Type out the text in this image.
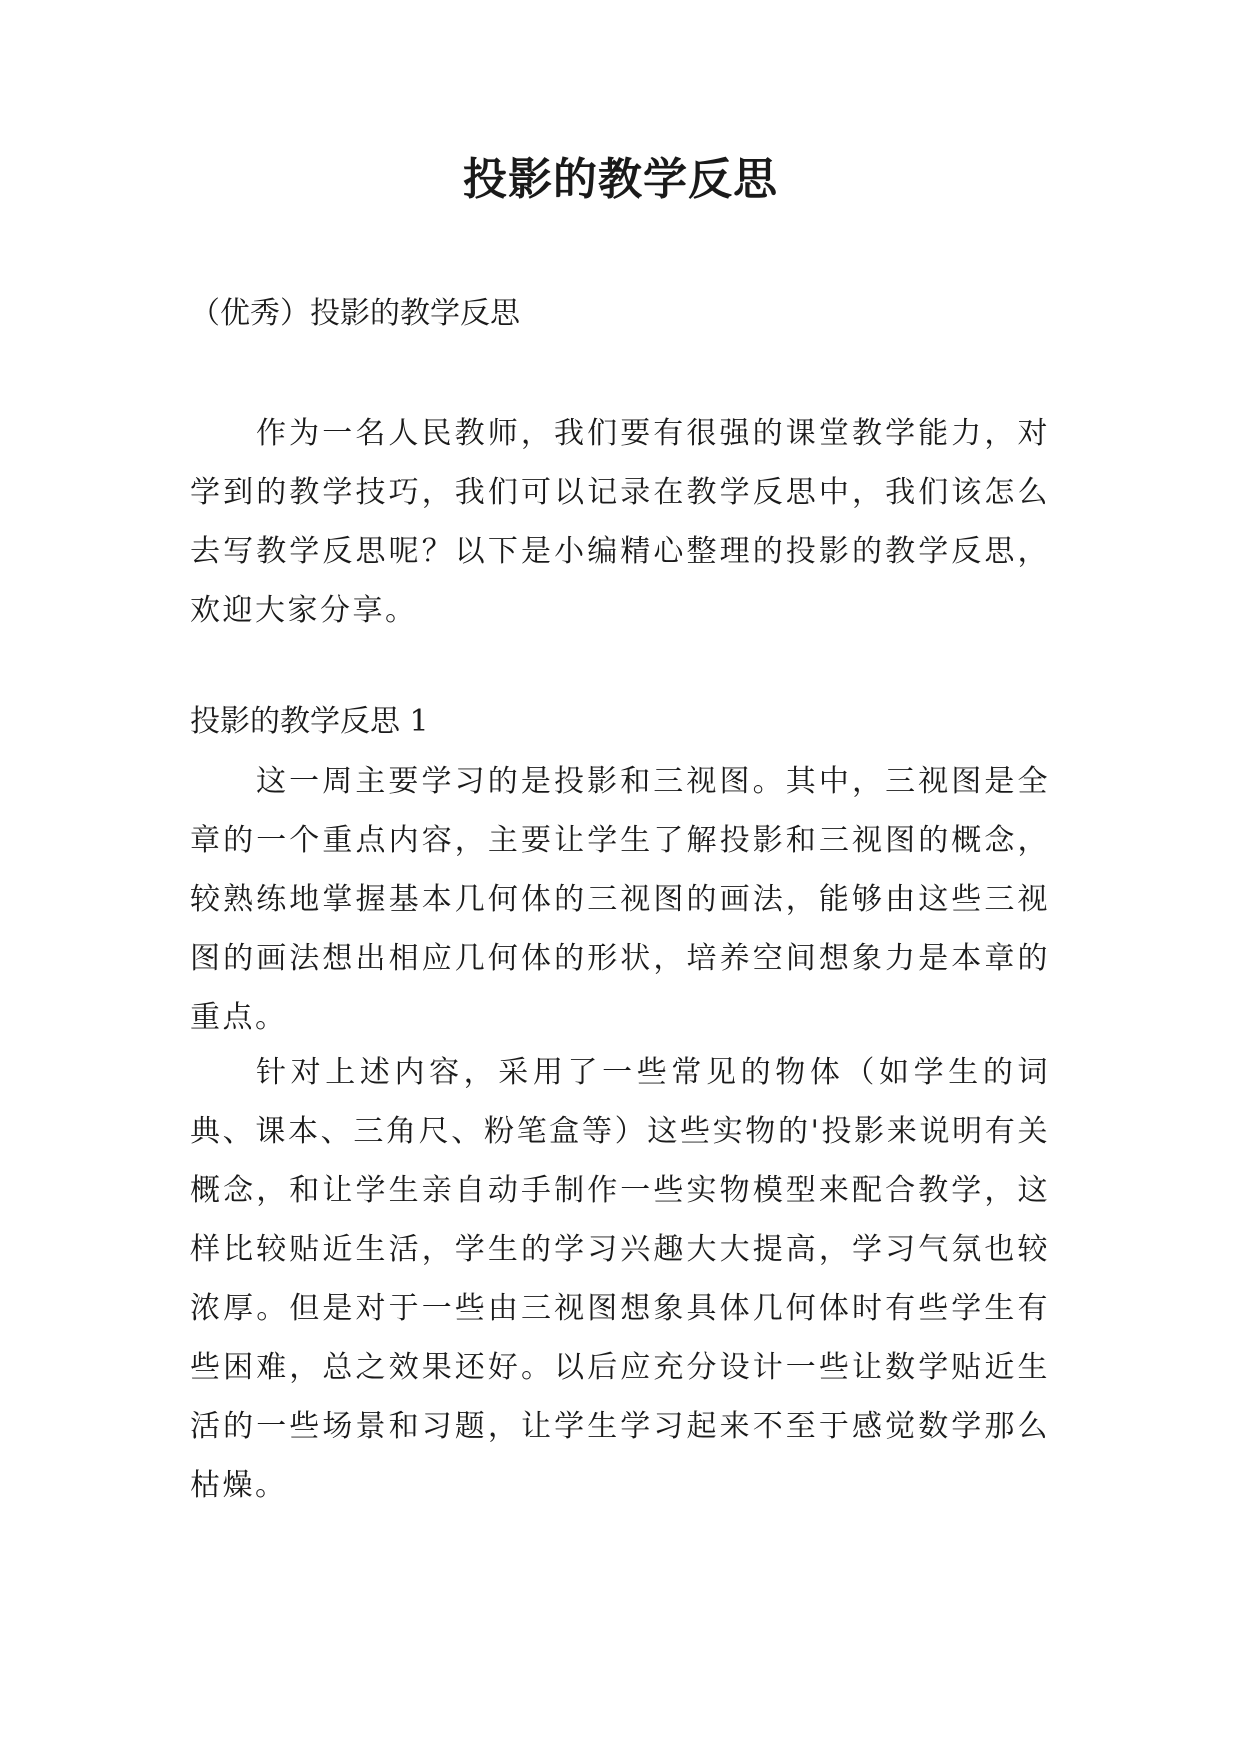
投影的教学反思

（优秀）投影的教学反思

作为一名人民教师，我们要有很强的课堂教学能力，对学到的教学技巧，我们可以记录在教学反思中，我们该怎么去写教学反思呢？以下是小编精心整理的投影的教学反思，欢迎大家分享。

投影的教学反思 1

这一周主要学习的是投影和三视图。其中，三视图是全章的一个重点内容，主要让学生了解投影和三视图的概念，较熟练地掌握基本几何体的三视图的画法，能够由这些三视图的画法想出相应几何体的形状，培养空间想象力是本章的重点。

针对上述内容，采用了一些常见的物体（如学生的词典、课本、三角尺、粉笔盒等）这些实物的'投影来说明有关概念，和让学生亲自动手制作一些实物模型来配合教学，这样比较贴近生活，学生的学习兴趣大大提高，学习气氛也较浓厚。但是对于一些由三视图想象具体几何体时有些学生有些困难，总之效果还好。以后应充分设计一些让数学贴近生活的一些场景和习题，让学生学习起来不至于感觉数学那么枯燥。
